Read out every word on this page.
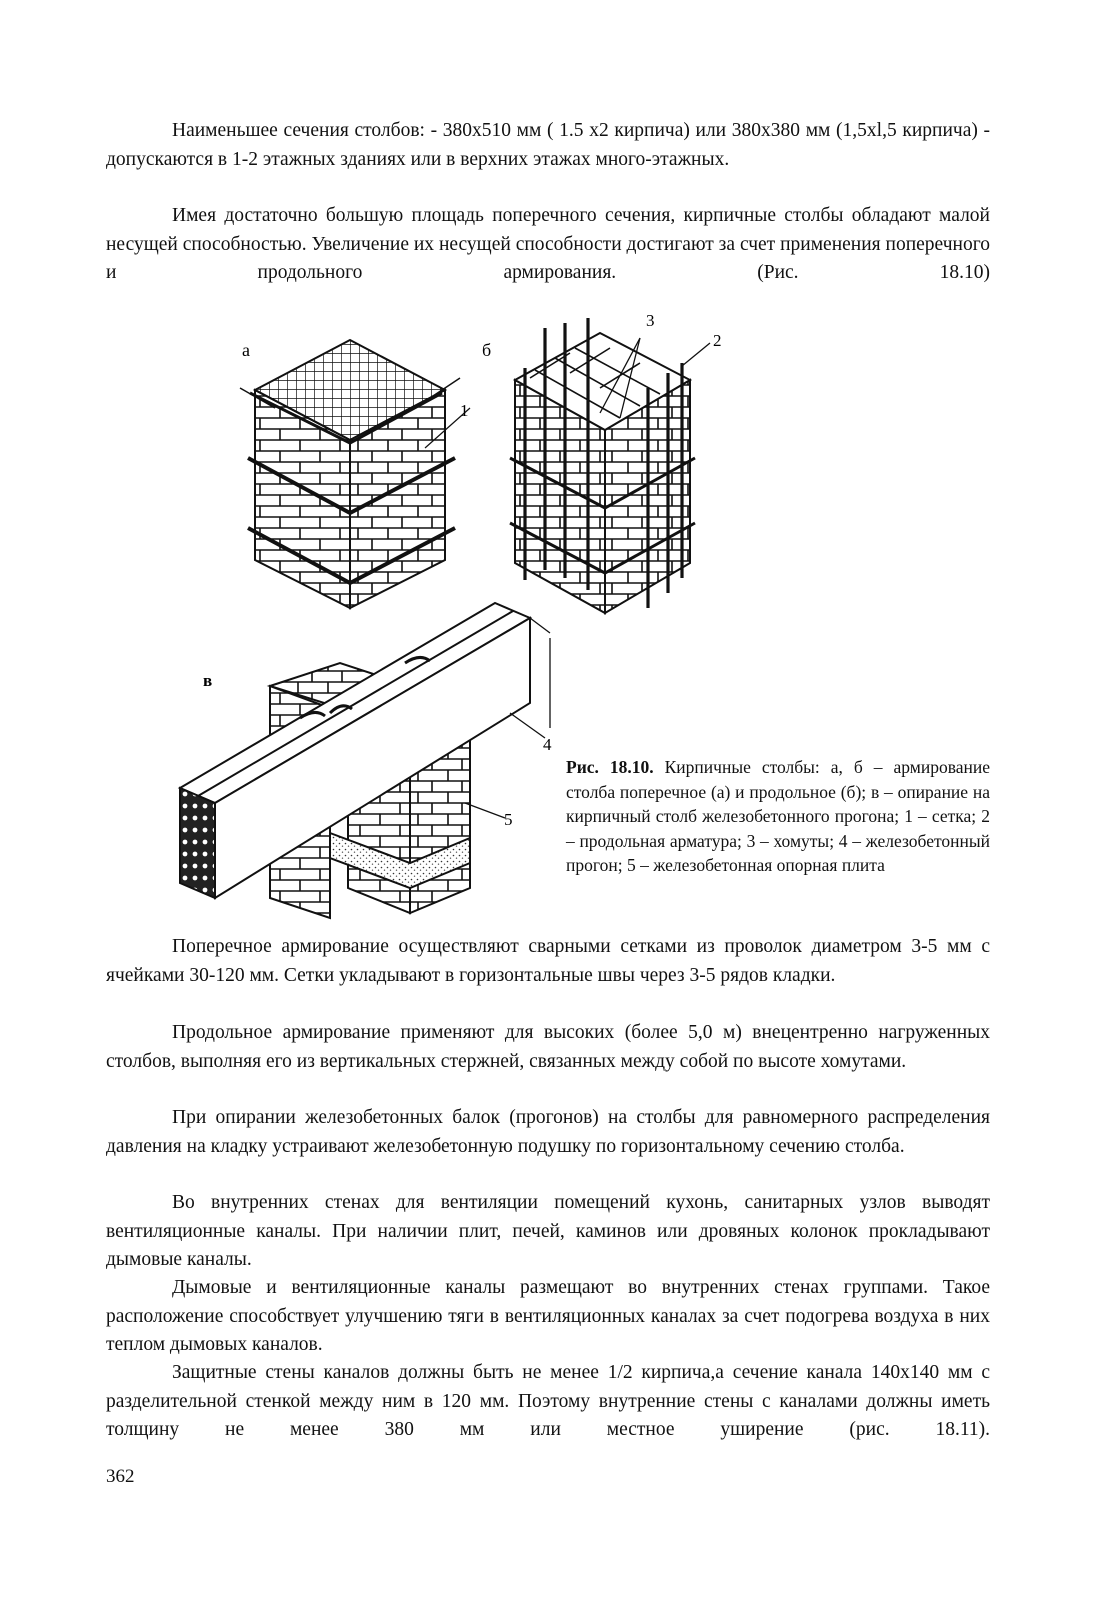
Наименьшее сечения столбов: - 380х510 мм ( 1.5 х2 кирпича) или 380х380 мм (1,5хl,5 кирпича) - допускаются в 1-2 этажных зданиях или в верхних этажах много-этажных.

Имея достаточно большую площадь поперечного сечения, кирпичные столбы обладают малой несущей способностью. Увеличение их несущей способности достигают за счет применения поперечного и продольного армирования. (Рис. 18.10)

а	б
в
1
2
3
4
5

Рис. 18.10. Кирпичные столбы: а, б – армирование столба поперечное (а) и продольное (б); в – опирание на кирпичный столб железобетонного прогона; 1 – сетка; 2 – продольная арматура; 3 – хомуты; 4 – железобетонный прогон; 5 – железобетонная опорная плита

Поперечное армирование осуществляют сварными сетками из проволок диаметром 3-5 мм с ячейками 30-120 мм. Сетки укладывают в горизонтальные швы через 3-5 рядов кладки.

Продольное армирование применяют для высоких (более 5,0 м) внецентренно нагруженных столбов, выполняя его из вертикальных стержней, связанных между собой по высоте хомутами.

При опирании железобетонных балок (прогонов) на столбы для равномерного распределения давления на кладку устраивают железобетонную подушку по горизонтальному сечению столба.

Во внутренних стенах для вентиляции помещений кухонь, санитарных узлов выводят вентиляционные каналы. При наличии плит, печей, каминов или дровяных колонок прокладывают дымовые каналы.

Дымовые и вентиляционные каналы размещают во внутренних стенах группами. Такое расположение способствует улучшению тяги в вентиляционных каналах за счет подогрева воздуха в них теплом дымовых каналов.

Защитные стены каналов должны быть не менее 1/2 кирпича,а сечение канала 140х140 мм с разделительной стенкой между ним в 120 мм. Поэтому внутренние стены с каналами должны иметь толщину не менее 380 мм или местное уширение (рис. 18.11).

362
